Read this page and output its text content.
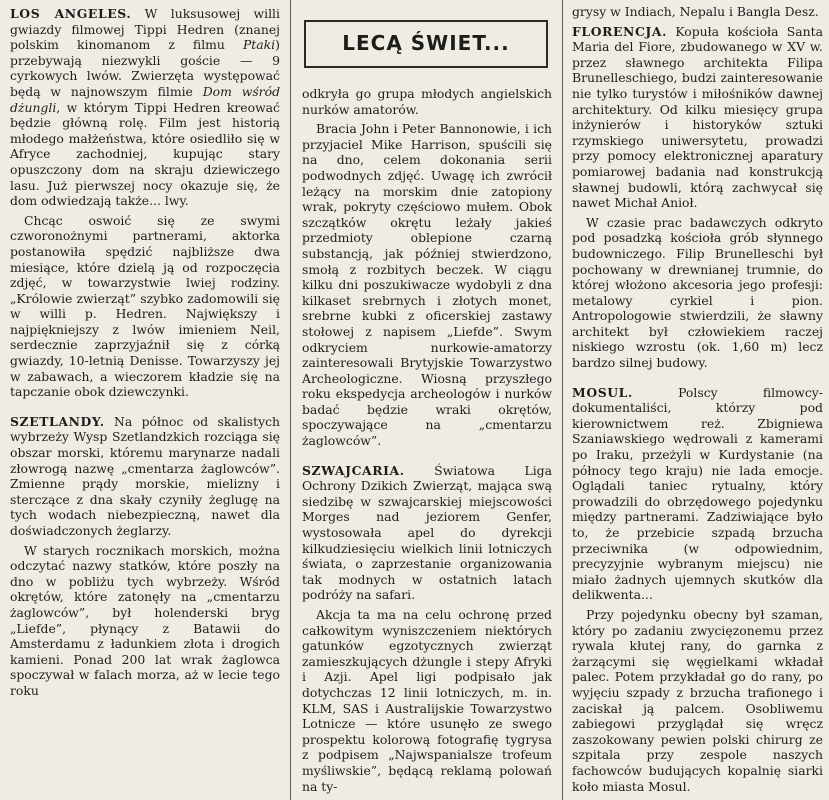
LOS ANGELES. W luksusowej willi gwiazdy filmowej Tippi Hedren (znanej polskim kinomanom z filmu Ptaki) przebywają niezwykli goście — 9 cyrkowych lwów. Zwierzęta występować będą w najnowszym filmie Dom wśród dżungli, w którym Tippi Hedren kreować będzie główną rolę. Film jest historią młodego małżeństwa, które osiedliło się w Afryce zachodniej, kupując stary opuszczony dom na skraju dziewiczego lasu. Już pierwszej nocy okazuje się, że dom odwiedzają także... lwy.

Chcąc oswoić się ze swymi czworonożnymi partnerami, aktorka postanowiła spędzić najbliższe dwa miesiące, które dzielą ją od rozpoczęcia zdjęć, w towarzystwie lwiej rodziny. „Królowie zwierząt” szybko zadomowili się w willi p. Hedren. Największy i najpiękniejszy z lwów imieniem Neil, serdecznie zaprzyjaźnił się z córką gwiazdy, 10-letnią Denisse. Towarzyszy jej w zabawach, a wieczorem kładzie się na tapczanie obok dziewczynki.

SZETLANDY. Na północ od skalistych wybrzeży Wysp Szetlandzkich rozciąga się obszar morski, któremu marynarze nadali złowrogą nazwę „cmentarza żaglowców”. Zmienne prądy morskie, mielizny i sterczące z dna skały czyniły żeglugę na tych wodach niebezpieczną, nawet dla doświadczonych żeglarzy.

W starych rocznikach morskich, można odczytać nazwy statków, które poszły na dno w pobliżu tych wybrzeży. Wśród okrętów, które zatonęły na „cmentarzu żaglowców”, był holenderski bryg „Liefde”, płynący z Batawii do Amsterdamu z ładunkiem złota i drogich kamieni. Ponad 200 lat wrak żaglowca spoczywał w falach morza, aż w lecie tego roku

LECĄ ŚWIET...

odkryła go grupa młodych angielskich nurków amatorów.

Bracia John i Peter Bannonowie, i ich przyjaciel Mike Harrison, spuścili się na dno, celem dokonania serii podwodnych zdjęć. Uwagę ich zwrócił leżący na morskim dnie zatopiony wrak, pokryty częściowo mułem. Obok szczątków okrętu leżały jakieś przedmioty oblepione czarną substancją, jak później stwierdzono, smołą z rozbitych beczek. W ciągu kilku dni poszukiwacze wydobyli z dna kilkaset srebrnych i złotych monet, srebrne kubki z oficerskiej zastawy stołowej z napisem „Liefde”. Swym odkryciem nurkowie-amatorzy zainteresowali Brytyjskie Towarzystwo Archeologiczne. Wiosną przyszłego roku ekspedycja archeologów i nurków badać będzie wraki okrętów, spoczywające na „cmentarzu żaglowców”.

SZWAJCARIA. Światowa Liga Ochrony Dzikich Zwierząt, mająca swą siedzibę w szwajcarskiej miejscowości Morges nad jeziorem Genfer, wystosowała apel do dyrekcji kilkudziesięciu wielkich linii lotniczych świata, o zaprzestanie organizowania tak modnych w ostatnich latach podróży na safari.

Akcja ta ma na celu ochronę przed całkowitym wyniszczeniem niektórych gatunków egzotycznych zwierząt zamieszkujących dżungle i stepy Afryki i Azji. Apel ligi podpisało jak dotychczas 12 linii lotniczych, m. in. KLM, SAS i Australijskie Towarzystwo Lotnicze — które usunęło ze swego prospektu kolorową fotografię tygrysa z podpisem „Najwspanialsze trofeum myśliwskie”, będącą reklamą polowań na ty-

grysy w Indiach, Nepalu i Bangla Desz.

FLORENCJA. Kopuła kościoła Santa Maria del Fiore, zbudowanego w XV w. przez sławnego architekta Filipa Brunelleschiego, budzi zainteresowanie nie tylko turystów i miłośników dawnej architektury. Od kilku miesięcy grupa inżynierów i historyków sztuki rzymskiego uniwersytetu, prowadzi przy pomocy elektronicznej aparatury pomiarowej badania nad konstrukcją sławnej budowli, którą zachwycał się nawet Michał Anioł.

W czasie prac badawczych odkryto pod posadzką kościoła grób słynnego budowniczego. Filip Brunelleschi był pochowany w drewnianej trumnie, do której włożono akcesoria jego profesji: metalowy cyrkiel i pion. Antropologowie stwierdzili, że sławny architekt był człowiekiem raczej niskiego wzrostu (ok. 1,60 m) lecz bardzo silnej budowy.

MOSUL. Polscy filmowcy-dokumentaliści, którzy pod kierownictwem reż. Zbigniewa Szaniawskiego wędrowali z kamerami po Iraku, przeżyli w Kurdystanie (na północy tego kraju) nie lada emocje. Oglądali taniec rytualny, który prowadzili do obrzędowego pojedynku między partnerami. Zadziwiające było to, że przebicie szpadą brzucha przeciwnika (w odpowiednim, precyzyjnie wybranym miejscu) nie miało żadnych ujemnych skutków dla delikwenta...

Przy pojedynku obecny był szaman, który po zadaniu zwycięzonemu przez rywala kłutej rany, do garnka z żarzącymi się węgielkami wkładał palec. Potem przykładał go do rany, po wyjęciu szpady z brzucha trafionego i zaciskał ją palcem. Osobliwemu zabiegowi przyglądał się wręcz zaszokowany pewien polski chirurg ze szpitala przy zespole naszych fachowców budujących kopalnię siarki koło miasta Mosul.
